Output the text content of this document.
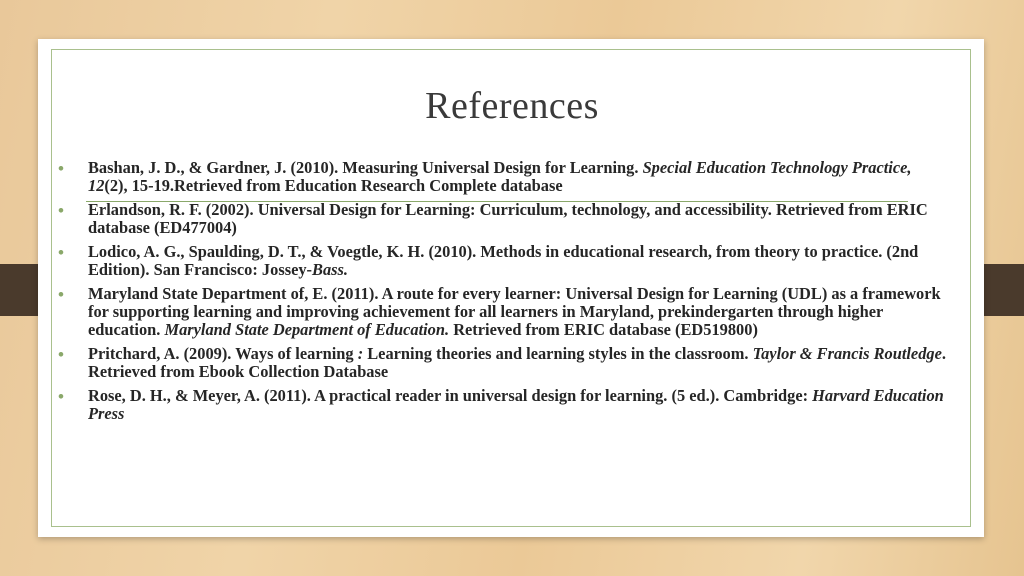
References
• Bashan, J. D., & Gardner, J. (2010). Measuring Universal Design for Learning. Special Education Technology Practice, 12(2), 15-19.Retrieved from Education Research Complete database
• Erlandson, R. F. (2002). Universal Design for Learning: Curriculum, technology, and accessibility. Retrieved from ERIC database (ED477004)
• Lodico, A. G., Spaulding, D. T., & Voegtle, K. H. (2010). Methods in educational research, from theory to practice. (2nd Edition). San Francisco: Jossey-Bass.
• Maryland State Department of, E. (2011). A route for every learner: Universal Design for Learning (UDL) as a framework for supporting learning and improving achievement for all learners in Maryland, prekindergarten through higher education. Maryland State Department of Education. Retrieved from ERIC database (ED519800)
• Pritchard, A. (2009). Ways of learning : Learning theories and learning styles in the classroom. Taylor & Francis Routledge. Retrieved from Ebook Collection Database
• Rose, D. H., & Meyer, A. (2011). A practical reader in universal design for learning. (5 ed.). Cambridge: Harvard Education Press
